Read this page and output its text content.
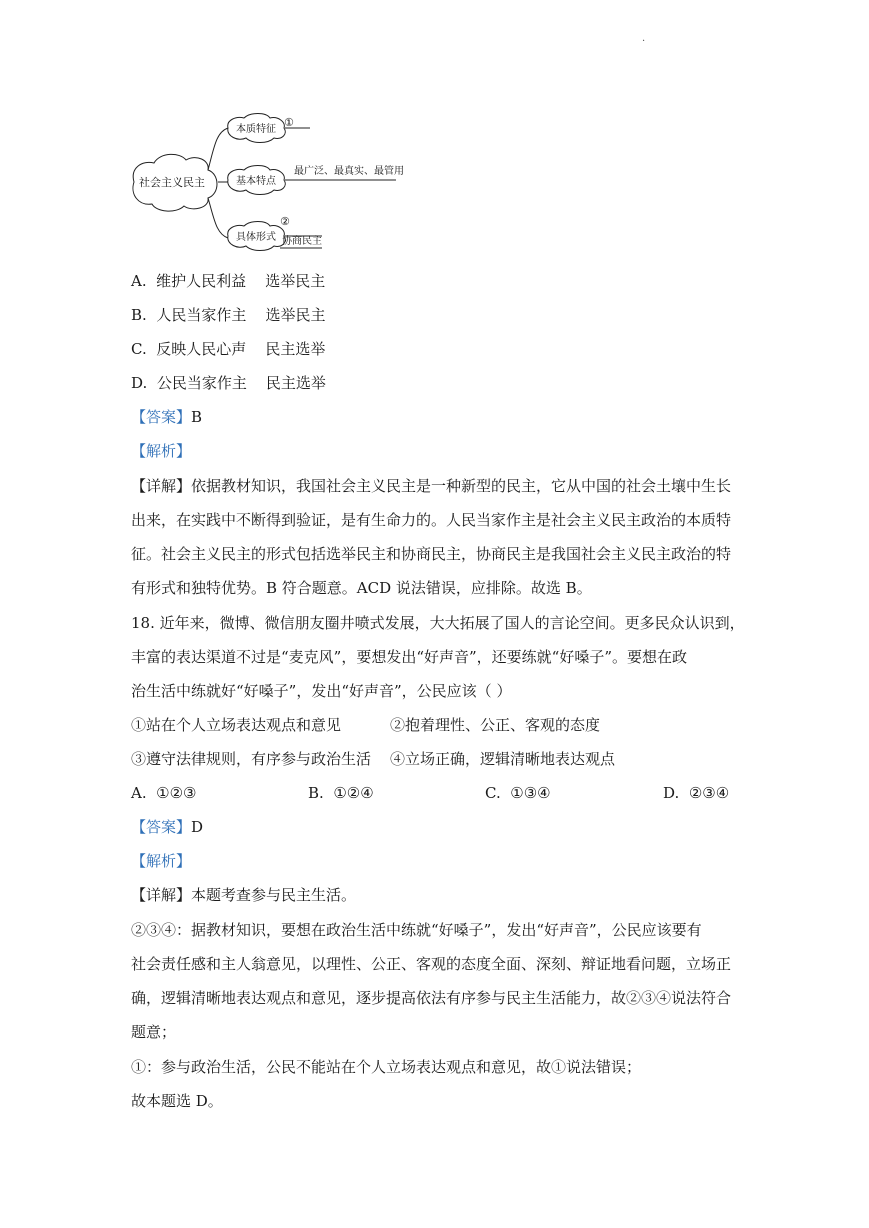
·
社会主义民主
本质特征
①
基本特点
最广泛、最真实、最管用
具体形式
②
协商民主
A. 维护人民利益 选举民主
B. 人民当家作主 选举民主
C. 反映人民心声 民主选举
D. 公民当家作主 民主选举
【答案】B
【解析】
【详解】依据教材知识，我国社会主义民主是一种新型的民主，它从中国的社会土壤中生长
出来，在实践中不断得到验证，是有生命力的。人民当家作主是社会主义民主政治的本质特
征。社会主义民主的形式包括选举民主和协商民主，协商民主是我国社会主义民主政治的特
有形式和独特优势。B 符合题意。ACD 说法错误，应排除。故选 B。
18. 近年来，微博、微信朋友圈井喷式发展，大大拓展了国人的言论空间。更多民众认识到，
丰富的表达渠道不过是“麦克风”，要想发出“好声音”，还要练就“好嗓子”。要想在政
治生活中练就好“好嗓子”，发出“好声音”，公民应该（ ）
①站在个人立场表达观点和意见	②抱着理性、公正、客观的态度
③遵守法律规则，有序参与政治生活 ④立场正确，逻辑清晰地表达观点
A. ①②③	B. ①②④	C. ①③④	D. ②③④
【答案】D
【解析】
【详解】本题考查参与民主生活。
②③④：据教材知识，要想在政治生活中练就“好嗓子”，发出“好声音”，公民应该要有
社会责任感和主人翁意见，以理性、公正、客观的态度全面、深刻、辩证地看问题，立场正
确，逻辑清晰地表达观点和意见，逐步提高依法有序参与民主生活能力，故②③④说法符合
题意；
①：参与政治生活，公民不能站在个人立场表达观点和意见，故①说法错误；
故本题选 D。
